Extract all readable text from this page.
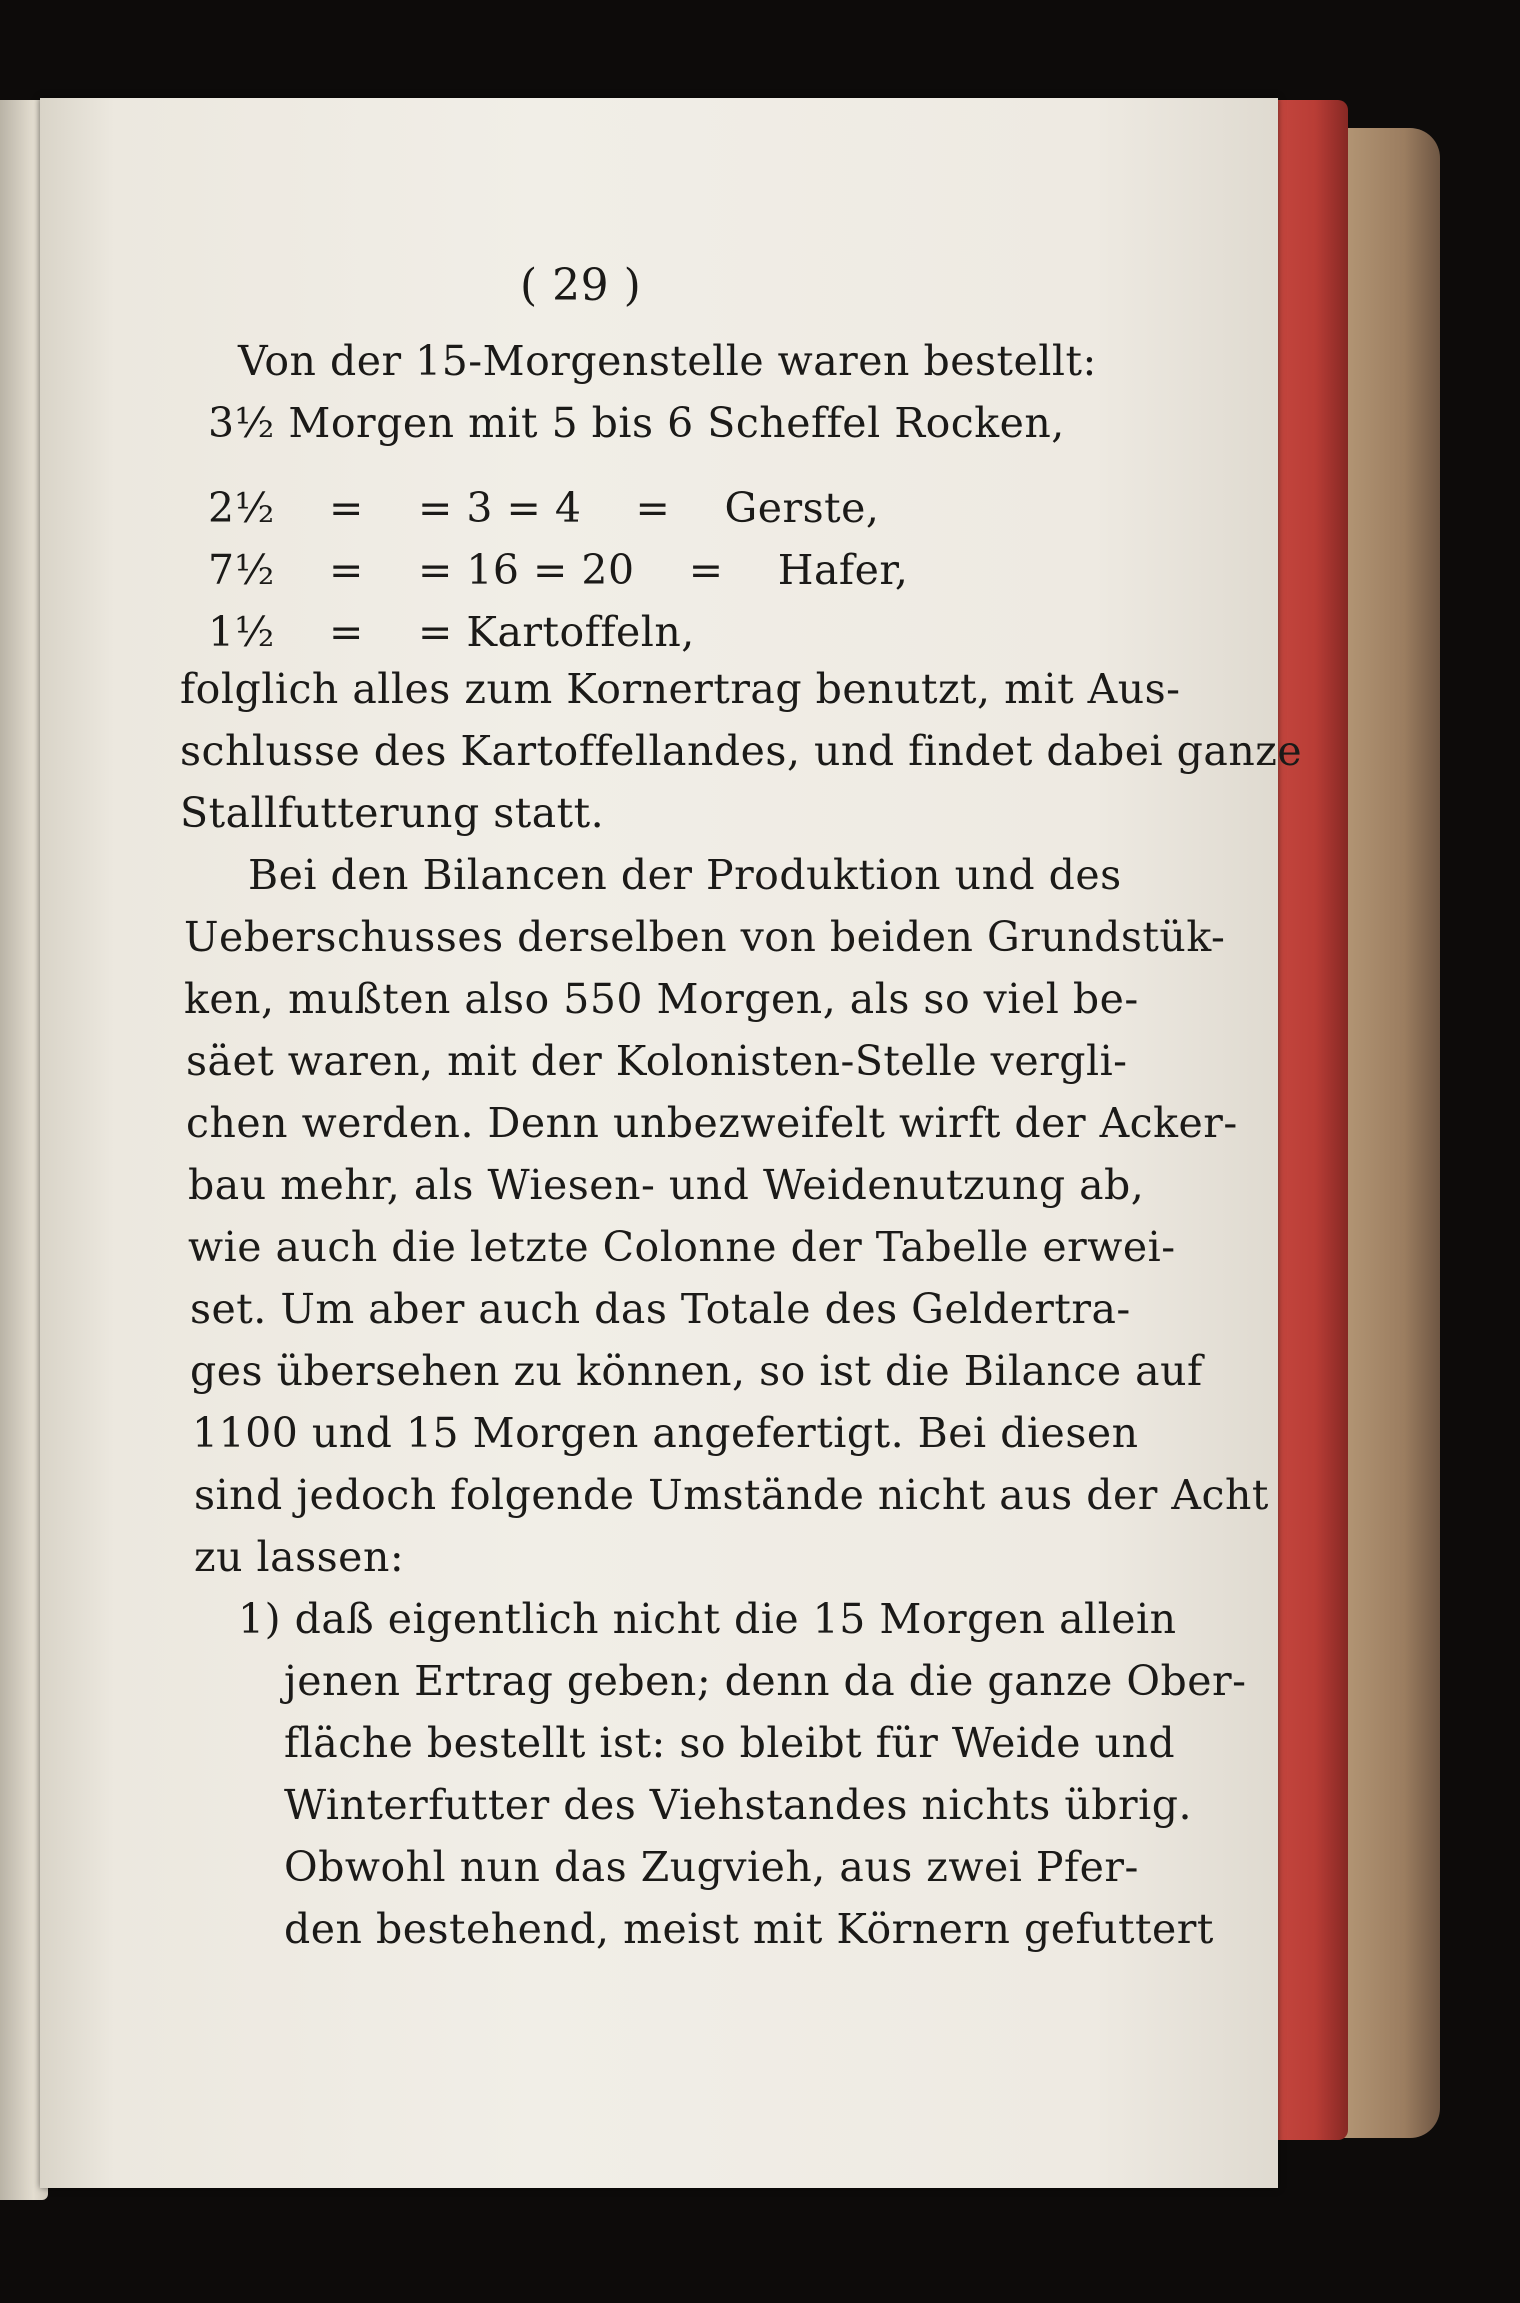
( 29 )
Von der 15-Morgenstelle waren bestellt:
3½ Morgen mit 5 bis 6 Scheffel Rocken,
2½    =    = 3 = 4    =    Gerste,
7½    =    = 16 = 20    =    Hafer,
1½    =    = Kartoffeln,
folglich alles zum Kornertrag benutzt, mit Aus-
schlusse des Kartoffellandes, und findet dabei ganze
Stallfutterung statt.
Bei den Bilancen der Produktion und des
Ueberschusses derselben von beiden Grundstük-
ken, mußten also 550 Morgen, als so viel be-
säet waren, mit der Kolonisten-Stelle vergli-
chen werden. Denn unbezweifelt wirft der Acker-
bau mehr, als Wiesen- und Weidenutzung ab,
wie auch die letzte Colonne der Tabelle erwei-
set. Um aber auch das Totale des Geldertra-
ges übersehen zu können, so ist die Bilance auf
1100 und 15 Morgen angefertigt. Bei diesen
sind jedoch folgende Umstände nicht aus der Acht
zu lassen:
1) daß eigentlich nicht die 15 Morgen allein
jenen Ertrag geben; denn da die ganze Ober-
fläche bestellt ist: so bleibt für Weide und
Winterfutter des Viehstandes nichts übrig.
Obwohl nun das Zugvieh, aus zwei Pfer-
den bestehend, meist mit Körnern gefuttert
